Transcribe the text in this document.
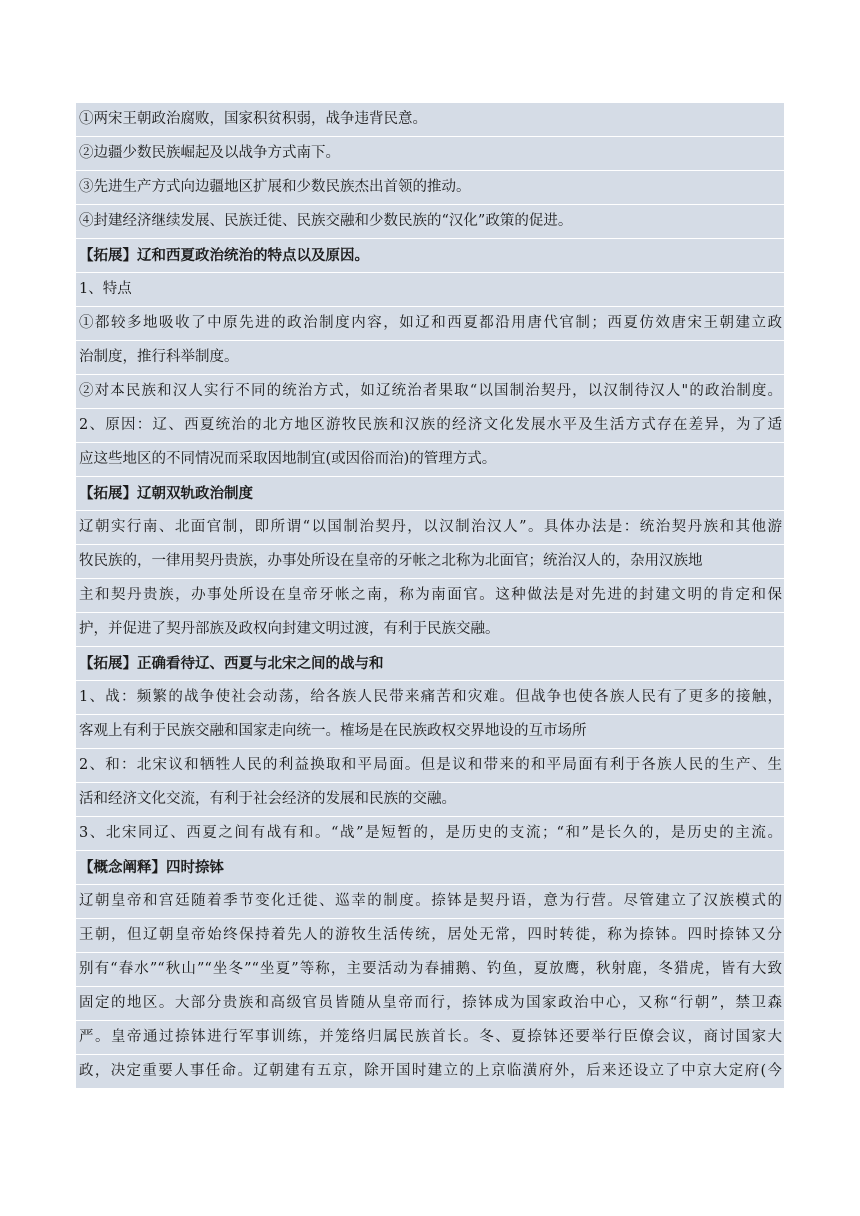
①两宋王朝政治腐败，国家积贫积弱，战争违背民意。
②边疆少数民族崛起及以战争方式南下。
③先进生产方式向边疆地区扩展和少数民族杰出首领的推动。
④封建经济继续发展、民族迁徙、民族交融和少数民族的“汉化”政策的促进。
【拓展】辽和西夏政治统治的特点以及原因。
1、特点
①都较多地吸收了中原先进的政治制度内容，如辽和西夏都沿用唐代官制；西夏仿效唐宋王朝建立政
治制度，推行科举制度。
②对本民族和汉人实行不同的统治方式，如辽统治者果取“以国制治契丹，以汉制待汉人"的政治制度。
2、原因：辽、西夏统治的北方地区游牧民族和汉族的经济文化发展水平及生活方式存在差异，为了适
应这些地区的不同情况而采取因地制宜(或因俗而治)的管理方式。
【拓展】辽朝双轨政治制度
辽朝实行南、北面官制，即所谓“以国制治契丹，以汉制治汉人”。具体办法是：统治契丹族和其他游
牧民族的，一律用契丹贵族，办事处所设在皇帝的牙帐之北称为北面官；统治汉人的，杂用汉族地
主和契丹贵族，办事处所设在皇帝牙帐之南，称为南面官。这种做法是对先进的封建文明的肯定和保
护，并促进了契丹部族及政权向封建文明过渡，有利于民族交融。
【拓展】正确看待辽、西夏与北宋之间的战与和
1、战：频繁的战争使社会动荡，给各族人民带来痛苦和灾难。但战争也使各族人民有了更多的接触，
客观上有利于民族交融和国家走向统一。榷场是在民族政权交界地设的互市场所
2、和：北宋议和牺牲人民的利益换取和平局面。但是议和带来的和平局面有利于各族人民的生产、生
活和经济文化交流，有利于社会经济的发展和民族的交融。
3、北宋同辽、西夏之间有战有和。“战”是短暂的，是历史的支流；“和”是长久的，是历史的主流。
【概念阐释】四时捺钵
辽朝皇帝和宫廷随着季节变化迁徙、巡幸的制度。捺钵是契丹语，意为行营。尽管建立了汉族模式的
王朝，但辽朝皇帝始终保持着先人的游牧生活传统，居处无常，四时转徙，称为捺钵。四时捺钵又分
别有“春水”“秋山”“坐冬”“坐夏”等称，主要活动为春捕鹅、钓鱼，夏放鹰，秋射鹿，冬猎虎，皆有大致
固定的地区。大部分贵族和高级官员皆随从皇帝而行，捺钵成为国家政治中心，又称“行朝”，禁卫森
严。皇帝通过捺钵进行军事训练，并笼络归属民族首长。冬、夏捺钵还要举行臣僚会议，商讨国家大
政，决定重要人事任命。辽朝建有五京，除开国时建立的上京临潢府外，后来还设立了中京大定府(今
